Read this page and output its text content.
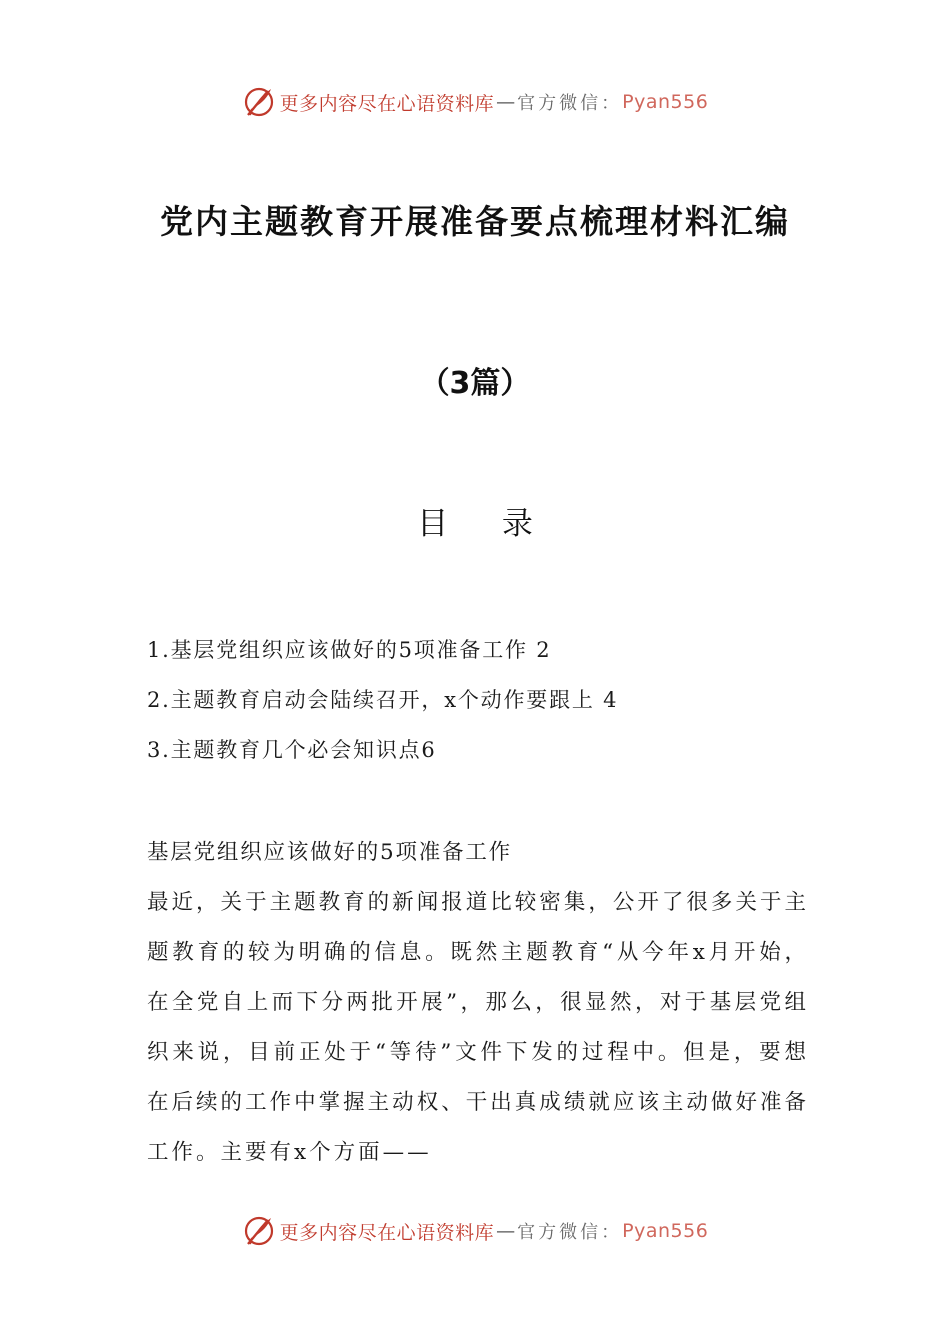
更多内容尽在心语资料库 — 官方微信： Pyan556
党内主题教育开展准备要点梳理材料汇编
（3篇）
目 录
1.基层党组织应该做好的5项准备工作 2
2.主题教育启动会陆续召开，x个动作要跟上 4
3.主题教育几个必会知识点6
基层党组织应该做好的5项准备工作
最近，关于主题教育的新闻报道比较密集，公开了很多关于主题教育的较为明确的信息。既然主题教育“从今年x月开始，在全党自上而下分两批开展”，那么，很显然，对于基层党组织来说，目前正处于“等待”文件下发的过程中。但是，要想在后续的工作中掌握主动权、干出真成绩就应该主动做好准备工作。主要有x个方面——
更多内容尽在心语资料库 — 官方微信： Pyan556
